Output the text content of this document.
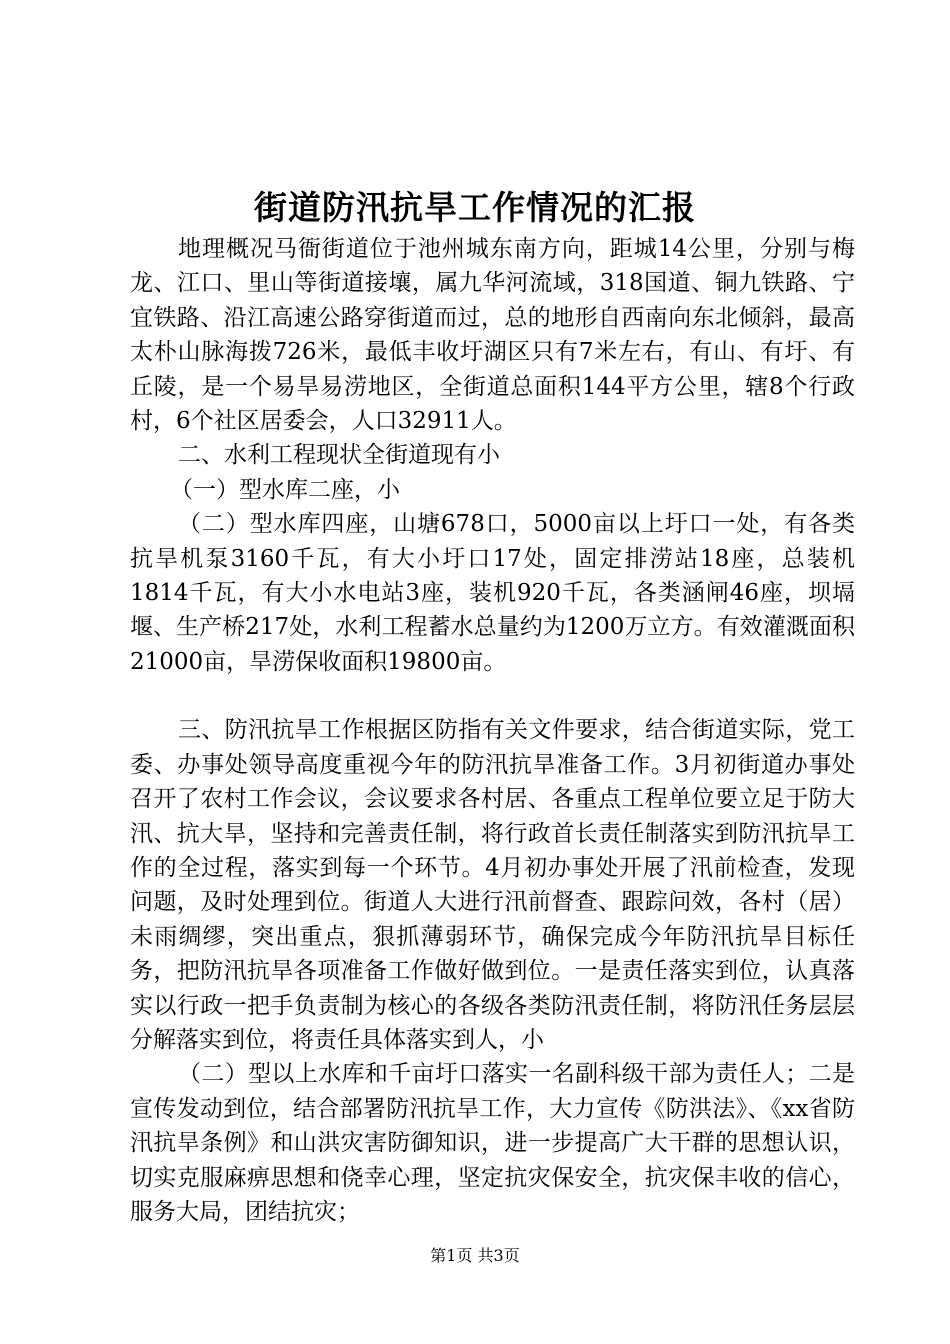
街道防汛抗旱工作情况的汇报

地理概况马衙街道位于池州城东南方向，距城14公里，分别与梅龙、江口、里山等街道接壤，属九华河流域，318国道、铜九铁路、宁宜铁路、沿江高速公路穿街道而过，总的地形自西南向东北倾斜，最高太朴山脉海拨726米，最低丰收圩湖区只有7米左右，有山、有圩、有丘陵，是一个易旱易涝地区，全街道总面积144平方公里，辖8个行政村，6个社区居委会，人口32911人。

二、水利工程现状全街道现有小

（一）型水库二座，小

（二）型水库四座，山塘678口，5000亩以上圩口一处，有各类抗旱机泵3160千瓦，有大小圩口17处，固定排涝站18座，总装机1814千瓦，有大小水电站3座，装机920千瓦，各类涵闸46座，坝塥堰、生产桥217处，水利工程蓄水总量约为1200万立方。有效灌溉面积21000亩，旱涝保收面积19800亩。

三、防汛抗旱工作根据区防指有关文件要求，结合街道实际，党工委、办事处领导高度重视今年的防汛抗旱准备工作。3月初街道办事处召开了农村工作会议，会议要求各村居、各重点工程单位要立足于防大汛、抗大旱，坚持和完善责任制，将行政首长责任制落实到防汛抗旱工作的全过程，落实到每一个环节。4月初办事处开展了汛前检查，发现问题，及时处理到位。街道人大进行汛前督查、跟踪问效，各村（居）未雨绸缪，突出重点，狠抓薄弱环节，确保完成今年防汛抗旱目标任务，把防汛抗旱各项准备工作做好做到位。一是责任落实到位，认真落实以行政一把手负责制为核心的各级各类防汛责任制，将防汛任务层层分解落实到位，将责任具体落实到人，小

（二）型以上水库和千亩圩口落实一名副科级干部为责任人；二是宣传发动到位，结合部署防汛抗旱工作，大力宣传《防洪法》、《xx省防汛抗旱条例》和山洪灾害防御知识，进一步提高广大干群的思想认识，切实克服麻痹思想和侥幸心理，坚定抗灾保安全，抗灾保丰收的信心，服务大局，团结抗灾；

第1页 共3页
